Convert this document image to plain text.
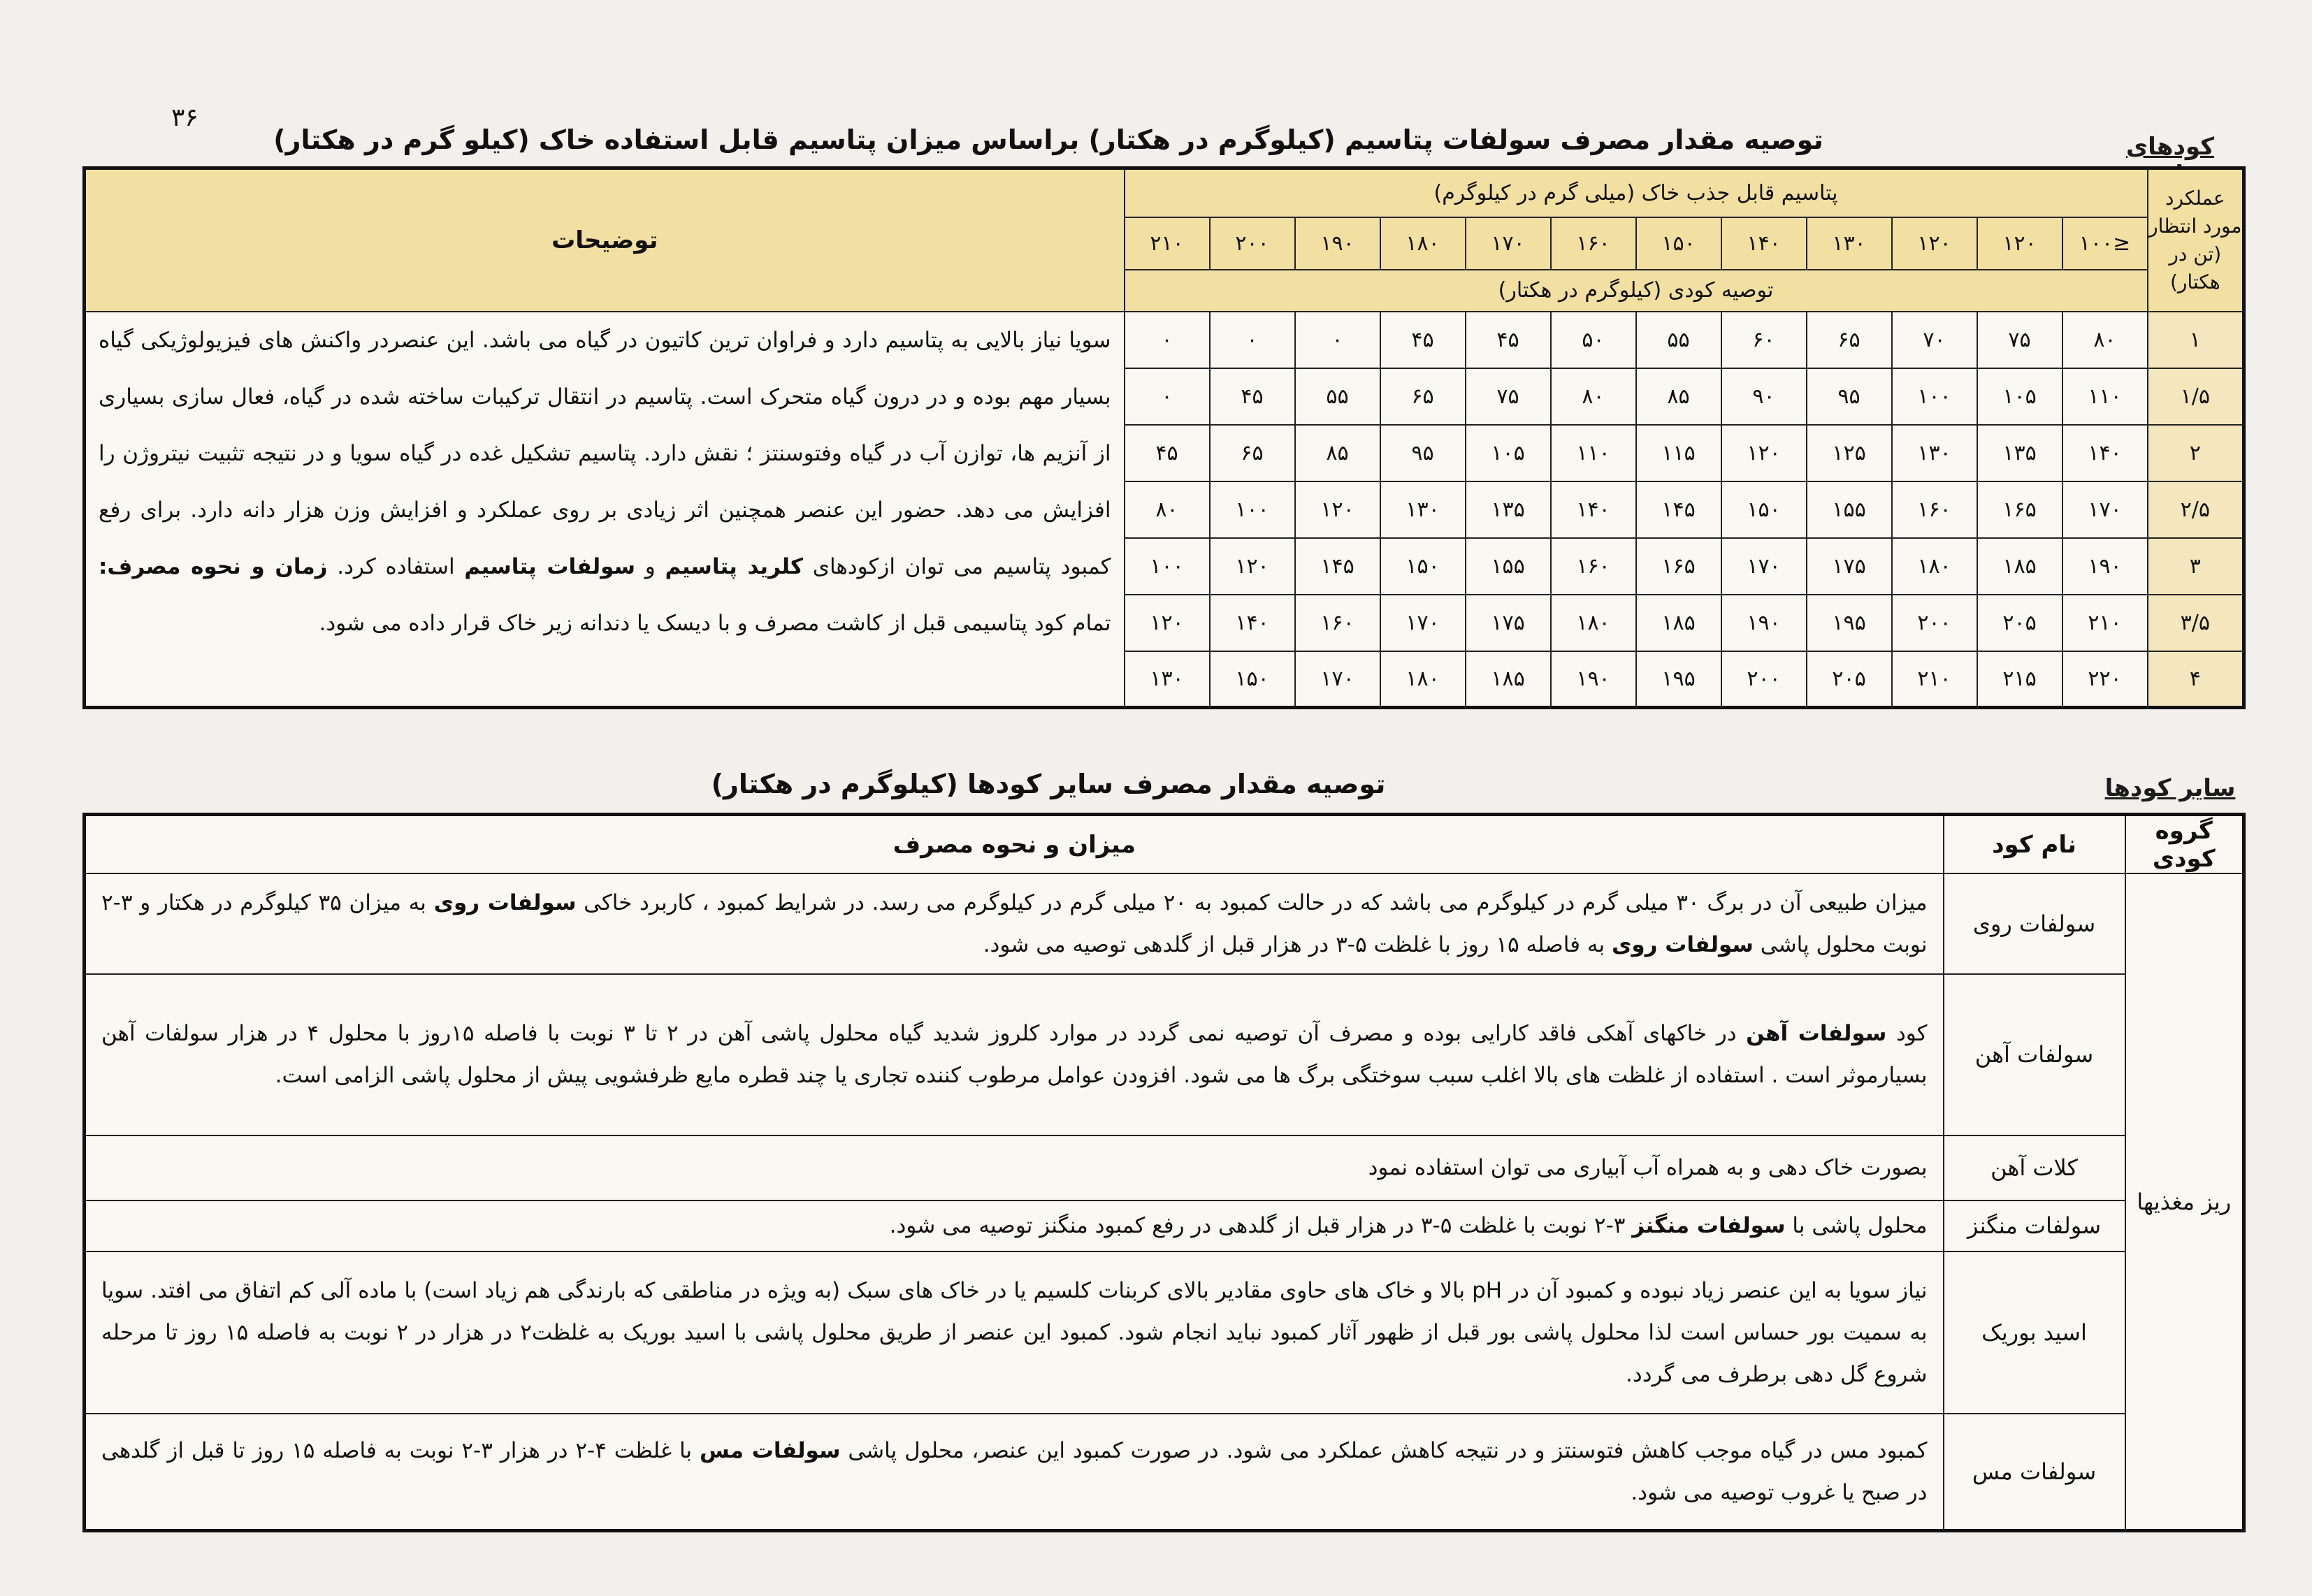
۳۶
کودهای
سایر کودها
توصیه مقدار مصرف سولفات پتاسیم (کیلوگرم در هکتار) براساس میزان پتاسیم قابل استفاده خاک (کیلو گرم در هکتار)
عملکرد مورد انتظار (تن در هکتار)	پتاسیم قابل جذب خاک (میلی گرم در کیلوگرم)												توضیحات
	≤۱۰۰	۱۲۰	۱۲۰	۱۳۰	۱۴۰	۱۵۰	۱۶۰	۱۷۰	۱۸۰	۱۹۰	۲۰۰	۲۱۰	
	توصیه کودی (کیلوگرم در هکتار)												
۱	۸۰	۷۵	۷۰	۶۵	۶۰	۵۵	۵۰	۴۵	۴۵	۰	۰	۰	سویا نیاز بالایی به پتاسیم دارد و فراوان ترین کاتیون در گیاه می باشد. این عنصردر واکنش های فیزیولوژیکی گیاه بسیار مهم بوده و در درون گیاه متحرک است. پتاسیم در انتقال ترکیبات ساخته شده در گیاه، فعال سازی بسیاری از آنزیم ها، توازن آب در گیاه وفتوسنتز ؛ نقش دارد. پتاسیم تشکیل غده در گیاه سویا و در نتیجه تثبیت نیتروژن را افزایش می دهد. حضور این عنصر همچنین اثر زیادی بر روی عملکرد و افزایش وزن هزار دانه دارد. برای رفع کمبود پتاسیم می توان ازکودهای کلرید پتاسیم و سولفات پتاسیم استفاده کرد. زمان و نحوه مصرف: تمام کود پتاسیمی قبل از کاشت مصرف و با دیسک یا دندانه زیر خاک قرار داده می شود.
۱/۵	۱۱۰	۱۰۵	۱۰۰	۹۵	۹۰	۸۵	۸۰	۷۵	۶۵	۵۵	۴۵	۰	
۲	۱۴۰	۱۳۵	۱۳۰	۱۲۵	۱۲۰	۱۱۵	۱۱۰	۱۰۵	۹۵	۸۵	۶۵	۴۵	
۲/۵	۱۷۰	۱۶۵	۱۶۰	۱۵۵	۱۵۰	۱۴۵	۱۴۰	۱۳۵	۱۳۰	۱۲۰	۱۰۰	۸۰	
۳	۱۹۰	۱۸۵	۱۸۰	۱۷۵	۱۷۰	۱۶۵	۱۶۰	۱۵۵	۱۵۰	۱۴۵	۱۲۰	۱۰۰	
۳/۵	۲۱۰	۲۰۵	۲۰۰	۱۹۵	۱۹۰	۱۸۵	۱۸۰	۱۷۵	۱۷۰	۱۶۰	۱۴۰	۱۲۰	
۴	۲۲۰	۲۱۵	۲۱۰	۲۰۵	۲۰۰	۱۹۵	۱۹۰	۱۸۵	۱۸۰	۱۷۰	۱۵۰	۱۳۰	
توصیه مقدار مصرف سایر کودها (کیلوگرم در هکتار)
گروه کودی	نام کود	میزان و نحوه مصرف
ریز مغذیها	سولفات روی	میزان طبیعی آن در برگ ۳۰ میلی گرم در کیلوگرم می باشد که در حالت کمبود به ۲۰ میلی گرم در کیلوگرم می رسد. در شرایط کمبود ، کاربرد خاکی سولفات روی به میزان ۳۵ کیلوگرم در هکتار و ۳-۲ نوبت محلول پاشی سولفات روی به فاصله ۱۵ روز با غلظت ۵-۳ در هزار قبل از گلدهی توصیه می شود.
	سولفات آهن	کود سولفات آهن در خاکهای آهکی فاقد کارایی بوده و مصرف آن توصیه نمی گردد در موارد کلروز شدید گیاه محلول پاشی آهن در ۲ تا ۳ نوبت با فاصله ۱۵روز با محلول ۴ در هزار سولفات آهن بسیارموثر است . استفاده از غلظت های بالا اغلب سبب سوختگی برگ ها می شود. افزودن عوامل مرطوب کننده تجاری یا چند قطره مایع ظرفشویی پیش از محلول پاشی الزامی است.
	کلات آهن	بصورت خاک دهی و به همراه آب آبیاری می توان استفاده نمود
	سولفات منگنز	محلول پاشی با سولفات منگنز ۳-۲ نوبت با غلظت ۵-۳ در هزار قبل از گلدهی در رفع کمبود منگنز توصیه می شود.
	اسید بوریک	نیاز سویا به این عنصر زیاد نبوده و کمبود آن در pH بالا و خاک های حاوی مقادیر بالای کربنات کلسیم یا در خاک های سبک (به ویژه در مناطقی که بارندگی هم زیاد است) با ماده آلی کم اتفاق می افتد. سویا به سمیت بور حساس است لذا محلول پاشی بور قبل از ظهور آثار کمبود نباید انجام شود. کمبود این عنصر از طریق محلول پاشی با اسید بوریک به غلظت۲ در هزار در ۲ نوبت به فاصله ۱۵ روز تا مرحله شروع گل دهی برطرف می گردد.
	سولفات مس	کمبود مس در گیاه موجب کاهش فتوسنتز و در نتیجه کاهش عملکرد می شود. در صورت کمبود این عنصر، محلول پاشی سولفات مس با غلظت ۴-۲ در هزار ۳-۲ نوبت به فاصله ۱۵ روز تا قبل از گلدهی در صبح یا غروب توصیه می شود.
